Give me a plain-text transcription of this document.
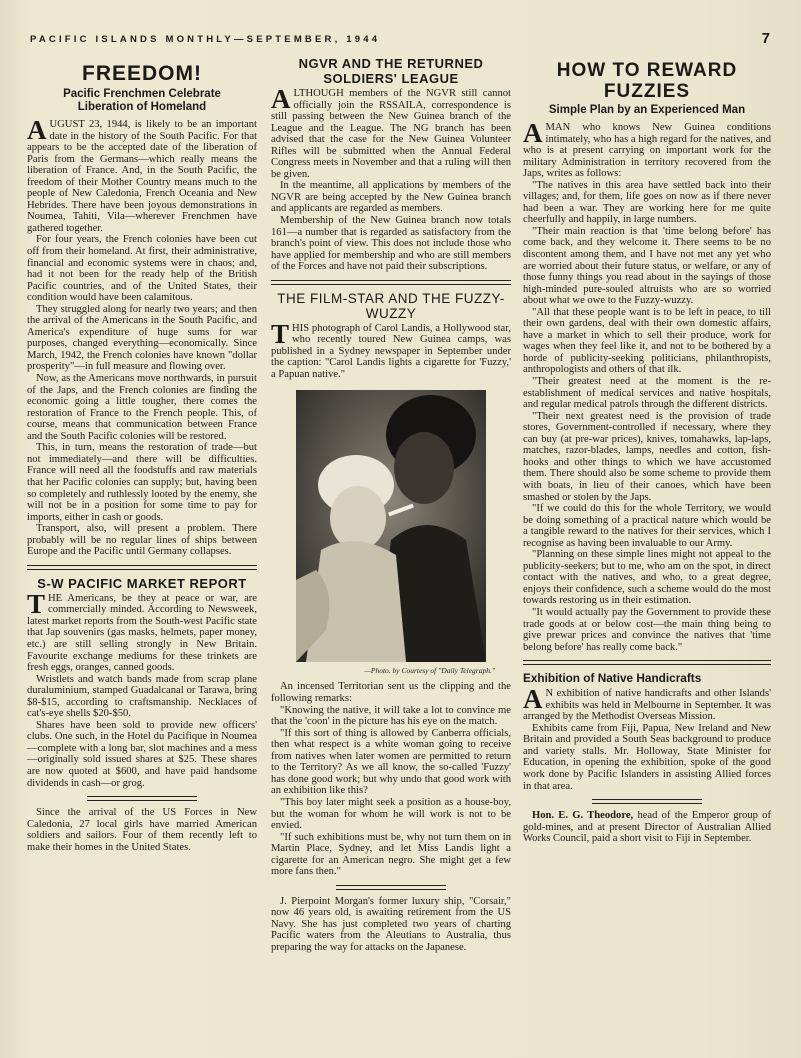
PACIFIC ISLANDS MONTHLY—SEPTEMBER, 1944	7
FREEDOM!
Pacific Frenchmen Celebrate Liberation of Homeland

AUGUST 23, 1944, is likely to be an important date in the history of the South Pacific. For that appears to be the accepted date of the liberation of Paris from the Germans—which really means the liberation of France. And, in the South Pacific, the freedom of their Mother Country means much to the people of New Caledonia, French Oceania and New Hebrides. There have been joyous demonstrations in Noumea, Tahiti, Vila—wherever Frenchmen have gathered together.

For four years, the French colonies have been cut off from their homeland. At first, their administrative, financial and economic systems were in chaos; and, had it not been for the ready help of the British Pacific countries, and of the United States, their condition would have been calamitous.

They struggled along for nearly two years; and then the arrival of the Americans in the South Pacific, and America's expenditure of huge sums for war purposes, changed everything—economically. Since March, 1942, the French colonies have known "dollar prosperity"—in full measure and flowing over.

Now, as the Americans move northwards, in pursuit of the Japs, and the French colonies are finding the economic going a little tougher, there comes the restoration of France to the French people. This, of course, means that communication between France and the South Pacific colonies will be restored.

This, in turn, means the restoration of trade—but not immediately—and there will be difficulties. France will need all the foodstuffs and raw materials that her Pacific colonies can supply; but, having been so completely and ruthlessly looted by the enemy, she will not be in a position for some time to pay for imports, either in cash or goods.

Transport, also, will present a problem. There probably will be no regular lines of ships between Europe and the Pacific until Germany collapses.

S-W PACIFIC MARKET REPORT

THE Americans, be they at peace or war, are commercially minded. According to Newsweek, latest market reports from the South-west Pacific state that Jap souvenirs (gas masks, helmets, paper money, etc.) are still selling strongly in New Britain. Favourite exchange mediums for these trinkets are fresh eggs, oranges, canned goods.

Wristlets and watch bands made from scrap plane duraluminium, stamped Guadalcanal or Tarawa, bring $8-$15, according to craftsmanship. Necklaces of cat's-eye shells $20-$50.

Shares have been sold to provide new officers' clubs. One such, in the Hotel du Pacifique in Noumea—complete with a long bar, slot machines and a mess—originally sold issued shares at $25. These shares are now quoted at $600, and have paid handsome dividends in cash—or grog.

Since the arrival of the US Forces in New Caledonia, 27 local girls have married American soldiers and sailors. Four of them recently left to make their homes in the United States.

NGVR AND THE RETURNED SOLDIERS' LEAGUE

ALTHOUGH members of the NGVR still cannot officially join the RSSAILA, correspondence is still passing between the New Guinea branch of the League and the League. The NG branch has been advised that the case for the New Guinea Volunteer Rifles will be submitted when the Annual Federal Congress meets in November and that a ruling will then be given.

In the meantime, all applications by members of the NGVR are being accepted by the New Guinea branch and applicants are regarded as members.

Membership of the New Guinea branch now totals 161—a number that is regarded as satisfactory from the branch's point of view. This does not include those who have applied for membership and who are still members of the Forces and have not paid their subscriptions.

THE FILM-STAR AND THE FUZZY-WUZZY

THIS photograph of Carol Landis, a Hollywood star, who recently toured New Guinea camps, was published in a Sydney newspaper in September under the caption: "Carol Landis lights a cigarette for 'Fuzzy,' a Papuan native."

—Photo. by Courtesy of "Daily Telegraph."

An incensed Territorian sent us the clipping and the following remarks:

"Knowing the native, it will take a lot to convince me that the 'coon' in the picture has his eye on the match.

"If this sort of thing is allowed by Canberra officials, then what respect is a white woman going to receive from natives when later women are permitted to return to the Territory? As we all know, the so-called 'Fuzzy' has done good work; but why undo that good work with an exhibition like this?

"This boy later might seek a position as a house-boy, but the woman for whom he will work is not to be envied.

"If such exhibitions must be, why not turn them on in Martin Place, Sydney, and let Miss Landis light a cigarette for an American negro. She might get a few more fans then."

J. Pierpoint Morgan's former luxury ship, "Corsair," now 46 years old, is awaiting retirement from the US Navy. She has just completed two years of charting Pacific waters from the Aleutians to Australia, thus preparing the way for attacks on the Japanese.

HOW TO REWARD FUZZIES
Simple Plan by an Experienced Man

AMAN who knows New Guinea conditions intimately, who has a high regard for the natives, and who is at present carrying on important work for the military Administration in territory recovered from the Japs, writes as follows:

"The natives in this area have settled back into their villages; and, for them, life goes on now as if there never had been a war. They are working here for me quite cheerfully and happily, in large numbers.

"Their main reaction is that 'time belong before' has come back, and they welcome it. There seems to be no discontent among them, and I have not met any yet who are worried about their future status, or welfare, or any of those funny things you read about in the sayings of those high-minded pure-souled altruists who are so worried about what we owe to the Fuzzy-wuzzy.

"All that these people want is to be left in peace, to till their own gardens, deal with their own domestic affairs, have a market in which to sell their produce, work for wages when they feel like it, and not to be bothered by a horde of publicity-seeking politicians, philanthropists, anthropologists and others of that ilk.

"Their greatest need at the moment is the re-establishment of medical services and native hospitals, and regular medical patrols through the different districts.

"Their next greatest need is the provision of trade stores, Government-controlled if necessary, where they can buy (at pre-war prices), knives, tomahawks, lap-laps, matches, razor-blades, lamps, needles and cotton, fish-hooks and other things to which we have accustomed them. There should also be some scheme to provide them with boats, in lieu of their canoes, which have been smashed or stolen by the Japs.

"If we could do this for the whole Territory, we would be doing something of a practical nature which would be a tangible reward to the natives for their services, which I recognise as having been invaluable to our Army.

"Planning on these simple lines might not appeal to the publicity-seekers; but to me, who am on the spot, in direct contact with the natives, and who, to a great degree, enjoys their confidence, such a scheme would do the most towards restoring us in their estimation.

"It would actually pay the Government to provide these trade goods at or below cost—the main thing being to give prewar prices and convince the natives that 'time belong before' has really come back."

Exhibition of Native Handicrafts

A N exhibition of native handicrafts and other Islands' exhibits was held in Melbourne in September. It was arranged by the Methodist Overseas Mission.

Exhibits came from Fiji, Papua, New Ireland and New Britain and provided a South Seas background to produce and variety stalls. Mr. Holloway, State Minister for Education, in opening the exhibition, spoke of the good work done by Pacific Islanders in assisting Allied forces in that area.

Hon. E. G. Theodore, head of the Emperor group of gold-mines, and at present Director of Australian Allied Works Council, paid a short visit to Fiji in September.
